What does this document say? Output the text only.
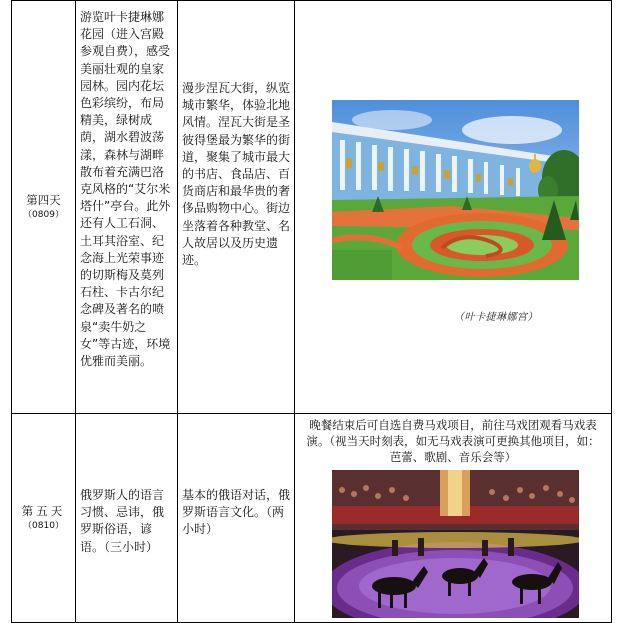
第四天
（0809）
游览叶卡捷琳娜花园（进入宫殿参观自费），感受美丽壮观的皇家园林。园内花坛色彩缤纷，布局精美，绿树成荫，湖水碧波荡漾，森林与湖畔散布着充满巴洛克风格的“艾尔米塔什”亭台。此外还有人工石洞、土耳其浴室、纪念海上光荣事迹的切斯梅及莫列石柱、卡古尔纪念碑及著名的喷泉“卖牛奶之女”等古迹，环境优雅而美丽。
漫步涅瓦大街，纵览城市繁华，体验北地风情。涅瓦大街是圣彼得堡最为繁华的街道，聚集了城市最大的书店、食品店、百货商店和最华贵的奢侈品购物中心。街边坐落着各种教堂、名人故居以及历史遗迹。
（叶卡捷琳娜宫）
第五天
（0810）
俄罗斯人的语言习惯、忌讳，俄罗斯俗语，谚语。（三小时）
基本的俄语对话，俄罗斯语言文化。（两小时）
晚餐结束后可自选自费马戏项目，前往马戏团观看马戏表演。（视当天时刻表，如无马戏表演可更换其他项目，如：芭蕾、歌剧、音乐会等）
